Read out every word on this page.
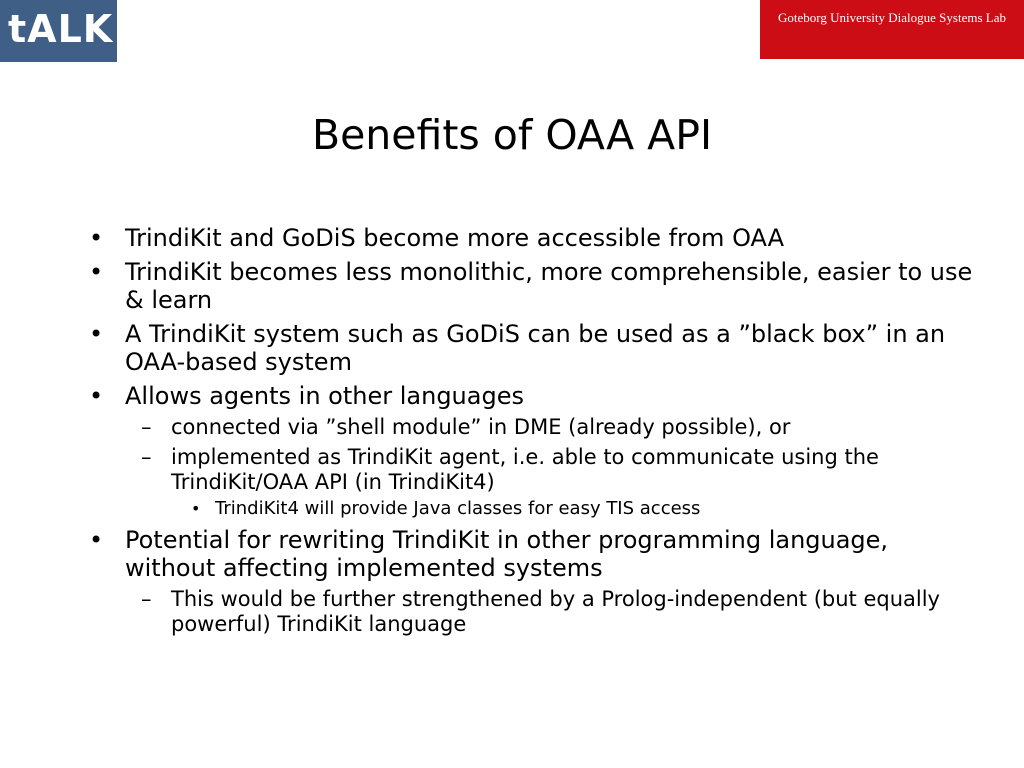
tALK	Goteborg University Dialogue Systems Lab

Benefits of OAA API
• TrindiKit and GoDiS become more accessible from OAA
• TrindiKit becomes less monolithic, more comprehensible, easier to use & learn
• A TrindiKit system such as GoDiS can be used as a ”black box” in an OAA-based system
• Allows agents in other languages
– connected via ”shell module” in DME (already possible), or
– implemented as TrindiKit agent, i.e. able to communicate using the TrindiKit/OAA API (in TrindiKit4)
• TrindiKit4 will provide Java classes for easy TIS access
• Potential for rewriting TrindiKit in other programming language, without affecting implemented systems
– This would be further strengthened by a Prolog-independent (but equally powerful) TrindiKit language
